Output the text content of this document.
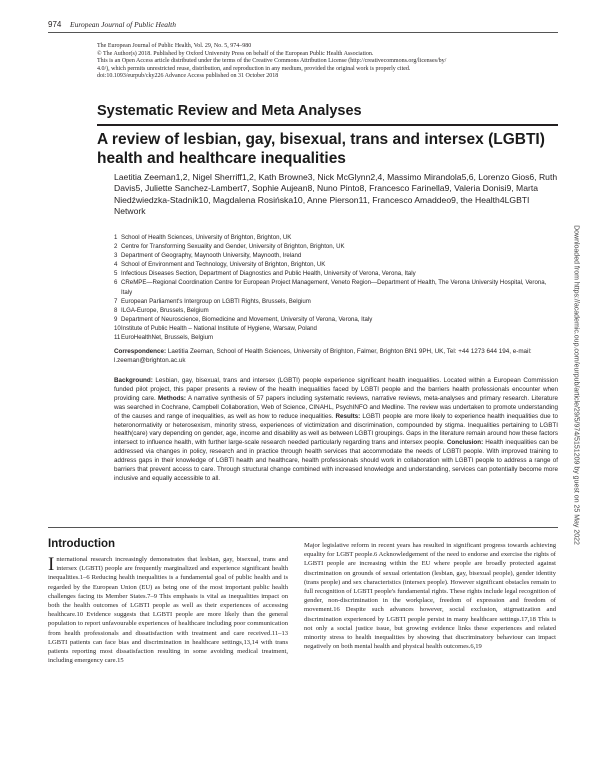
974 European Journal of Public Health
The European Journal of Public Health, Vol. 29, No. 5, 974–980
© The Author(s) 2018. Published by Oxford University Press on behalf of the European Public Health Association.
This is an Open Access article distributed under the terms of the Creative Commons Attribution License (http://creativecommons.org/licenses/by/
4.0/), which permits unrestricted reuse, distribution, and reproduction in any medium, provided the original work is properly cited.
doi:10.1093/eurpub/cky226 Advance Access published on 31 October 2018
Systematic Review and Meta Analyses
A review of lesbian, gay, bisexual, trans and intersex (LGBTI) health and healthcare inequalities
Laetitia Zeeman1,2, Nigel Sherriff1,2, Kath Browne3, Nick McGlynn2,4, Massimo Mirandola5,6, Lorenzo Gios6, Ruth Davis5, Juliette Sanchez-Lambert7, Sophie Aujean8, Nuno Pinto8, Francesco Farinella9, Valeria Donisi9, Marta Niedźwiedzka-Stadnik10, Magdalena Rosińska10, Anne Pierson11, Francesco Amaddeo9, the Health4LGBTI Network
1 School of Health Sciences, University of Brighton, Brighton, UK
2 Centre for Transforming Sexuality and Gender, University of Brighton, Brighton, UK
3 Department of Geography, Maynooth University, Maynooth, Ireland
4 School of Environment and Technology, University of Brighton, Brighton, UK
5 Infectious Diseases Section, Department of Diagnostics and Public Health, University of Verona, Verona, Italy
6 CReMPE—Regional Coordination Centre for European Project Management, Veneto Region—Department of Health, The Verona University Hospital, Verona, Italy
7 European Parliament's Intergroup on LGBTI Rights, Brussels, Belgium
8 ILGA-Europe, Brussels, Belgium
9 Department of Neuroscience, Biomedicine and Movement, University of Verona, Verona, Italy
10 Institute of Public Health – National Institute of Hygiene, Warsaw, Poland
11 EuroHealthNet, Brussels, Belgium
Correspondence: Laetitia Zeeman, School of Health Sciences, University of Brighton, Falmer, Brighton BN1 9PH, UK, Tel: +44 1273 644 194, e-mail: l.zeeman@brighton.ac.uk
Background: Lesbian, gay, bisexual, trans and intersex (LGBTI) people experience significant health inequalities. Located within a European Commission funded pilot project, this paper presents a review of the health inequalities faced by LGBTI people and the barriers health professionals encounter when providing care. Methods: A narrative synthesis of 57 papers including systematic reviews, narrative reviews, meta-analyses and primary research. Literature was searched in Cochrane, Campbell Collaboration, Web of Science, CINAHL, PsychINFO and Medline. The review was undertaken to promote understanding of the causes and range of inequalities, as well as how to reduce inequalities. Results: LGBTI people are more likely to experience health inequalities due to heteronormativity or heterosexism, minority stress, experiences of victimization and discrimination, compounded by stigma. Inequalities pertaining to LGBTI health(care) vary depending on gender, age, income and disability as well as between LGBTI groupings. Gaps in the literature remain around how these factors intersect to influence health, with further large-scale research needed particularly regarding trans and intersex people. Conclusion: Health inequalities can be addressed via changes in policy, research and in practice through health services that accommodate the needs of LGBTI people. With improved training to address gaps in their knowledge of LGBTI health and healthcare, health professionals should work in collaboration with LGBTI people to address a range of barriers that prevent access to care. Through structural change combined with increased knowledge and understanding, services can potentially become more inclusive and equally accessible to all.
Introduction
International research increasingly demonstrates that lesbian, gay, bisexual, trans and intersex (LGBTI) people are frequently marginalized and experience significant health inequalities.1–6 Reducing health inequalities is a fundamental goal of public health and is regarded by the European Union (EU) as being one of the most important public health challenges facing its Member States.7–9 This emphasis is vital as inequalities impact on both the health outcomes of LGBTI people as well as their experiences of accessing healthcare.10 Evidence suggests that LGBTI people are more likely than the general population to report unfavourable experiences of healthcare including poor communication from health professionals and dissatisfaction with treatment and care received.11–13 LGBTI patients can face bias and discrimination in healthcare settings,13,14 with trans patients reporting most dissatisfaction resulting in some avoiding medical treatment, including emergency care.15
Major legislative reform in recent years has resulted in significant progress towards achieving equality for LGBT people.6 Acknowledgement of the need to endorse and exercise the rights of LGBTI people are increasing within the EU where people are broadly protected against discrimination on grounds of sexual orientation (lesbian, gay, bisexual people), gender identity (trans people) and sex characteristics (intersex people). However significant obstacles remain to full recognition of LGBTI people's fundamental rights. These rights include legal recognition of gender, non-discrimination in the workplace, freedom of expression and freedom of movement.16 Despite such advances however, social exclusion, stigmatization and discrimination experienced by LGBTI people persist in many healthcare settings.17,18 This is not only a social justice issue, but growing evidence links these experiences and related minority stress to health inequalities by showing that discriminatory behaviour can impact negatively on both mental health and physical health outcomes.6,19
Downloaded from https://academic.oup.com/eurpub/article/29/5/974/5151209 by guest on 25 May 2022
